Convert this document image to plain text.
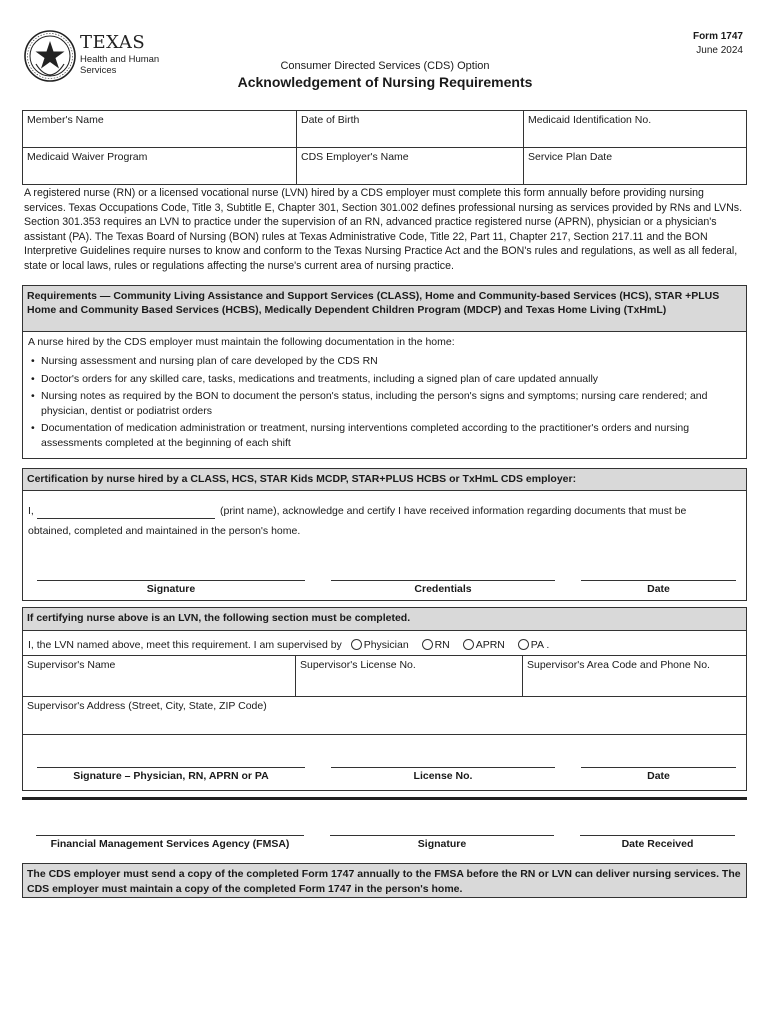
TEXAS
Health and Human
Services
Form 1747
June 2024
Consumer Directed Services (CDS) Option
Acknowledgement of Nursing Requirements
Member's Name	Date of Birth	Medicaid Identification No.
Medicaid Waiver Program	CDS Employer's Name	Service Plan Date
A registered nurse (RN) or a licensed vocational nurse (LVN) hired by a CDS employer must complete this form annually before providing nursing services. Texas Occupations Code, Title 3, Subtitle E, Chapter 301, Section 301.002 defines professional nursing as services provided by RNs and LVNs. Section 301.353 requires an LVN to practice under the supervision of an RN, advanced practice registered nurse (APRN), physician or a physician's assistant (PA). The Texas Board of Nursing (BON) rules at Texas Administrative Code, Title 22, Part 11, Chapter 217, Section 217.11 and the BON Interpretive Guidelines require nurses to know and conform to the Texas Nursing Practice Act and the BON's rules and regulations, as well as all federal, state or local laws, rules or regulations affecting the nurse's current area of nursing practice.
Requirements — Community Living Assistance and Support Services (CLASS), Home and Community-based Services (HCS), STAR +PLUS Home and Community Based Services (HCBS), Medically Dependent Children Program (MDCP) and Texas Home Living (TxHmL)
A nurse hired by the CDS employer must maintain the following documentation in the home:
• Nursing assessment and nursing plan of care developed by the CDS RN
• Doctor's orders for any skilled care, tasks, medications and treatments, including a signed plan of care updated annually
• Nursing notes as required by the BON to document the person's status, including the person's signs and symptoms; nursing care rendered; and physician, dentist or podiatrist orders
• Documentation of medication administration or treatment, nursing interventions completed according to the practitioner's orders and nursing assessments completed at the beginning of each shift
Certification by nurse hired by a CLASS, HCS, STAR Kids MCDP, STAR+PLUS HCBS or TxHmL CDS employer:
I,	(print name), acknowledge and certify I have received information regarding documents that must be
obtained, completed and maintained in the person's home.
Signature	Credentials	Date
If certifying nurse above is an LVN, the following section must be completed.
I, the LVN named above, meet this requirement. I am supervised by Physician RN APRN PA .
Supervisor's Name	Supervisor's License No.	Supervisor's Area Code and Phone No.
Supervisor's Address (Street, City, State, ZIP Code)
Signature – Physician, RN, APRN or PA	License No.	Date
Financial Management Services Agency (FMSA)	Signature	Date Received
The CDS employer must send a copy of the completed Form 1747 annually to the FMSA before the RN or LVN can deliver nursing services. The CDS employer must maintain a copy of the completed Form 1747 in the person's home.
